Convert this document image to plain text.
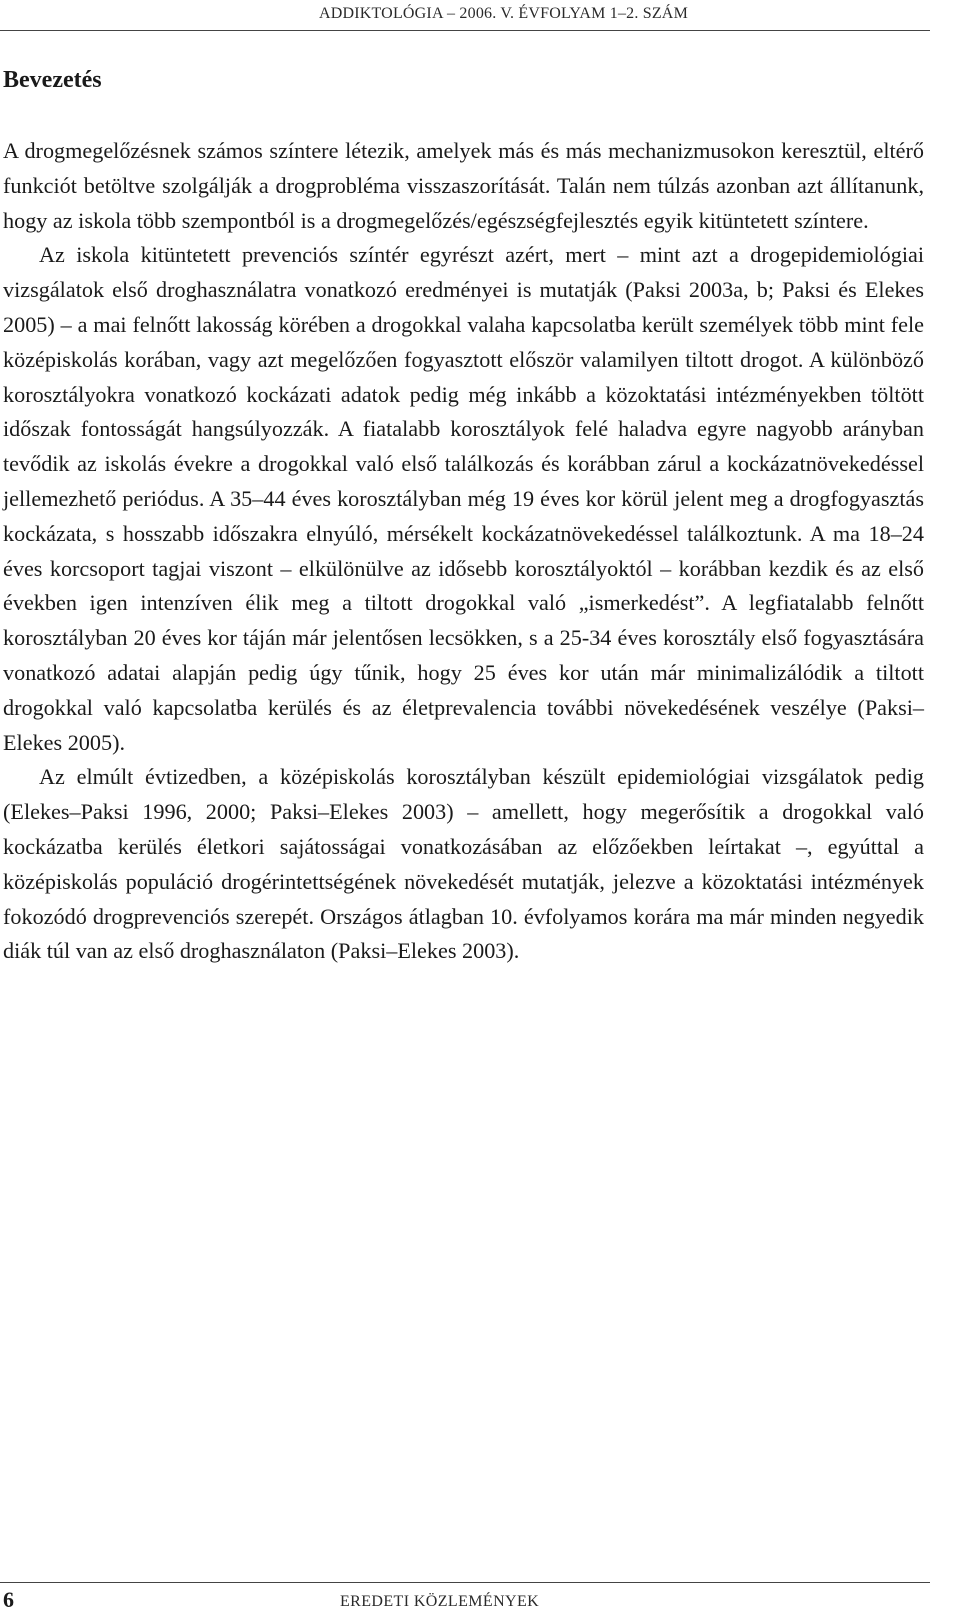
ADDIKTOLÓGIA – 2006. V. ÉVFOLYAM 1–2. SZÁM
Bevezetés

A drogmegelőzésnek számos színtere létezik, amelyek más és más mechanizmusokon keresztül, eltérő funkciót betöltve szolgálják a drogprobléma visszaszorítását. Talán nem túlzás azonban azt állítanunk, hogy az iskola több szempontból is a drogmegelőzés/egészségfejlesztés egyik kitüntetett színtere.

Az iskola kitüntetett prevenciós színtér egyrészt azért, mert – mint azt a drogepidemiológiai vizsgálatok első droghasználatra vonatkozó eredményei is mutatják (Paksi 2003a, b; Paksi és Elekes 2005) – a mai felnőtt lakosság körében a drogokkal valaha kapcsolatba került személyek több mint fele középiskolás korában, vagy azt megelőzően fogyasztott először valamilyen tiltott drogot. A különböző korosztályokra vonatkozó kockázati adatok pedig még inkább a közoktatási intézményekben töltött időszak fontosságát hangsúlyozzák. A fiatalabb korosztályok felé haladva egyre nagyobb arányban tevődik az iskolás évekre a drogokkal való első találkozás és korábban zárul a kockázatnövekedéssel jellemezhető periódus. A 35–44 éves korosztályban még 19 éves kor körül jelent meg a drogfogyasztás kockázata, s hosszabb időszakra elnyúló, mérsékelt kockázatnövekedéssel találkoztunk. A ma 18–24 éves korcsoport tagjai viszont – elkülönülve az idősebb korosztályoktól – korábban kezdik és az első években igen intenzíven élik meg a tiltott drogokkal való „ismerkedést”. A legfiatalabb felnőtt korosztályban 20 éves kor táján már jelentősen lecsökken, s a 25-34 éves korosztály első fogyasztására vonatkozó adatai alapján pedig úgy tűnik, hogy 25 éves kor után már minimalizálódik a tiltott drogokkal való kapcsolatba kerülés és az életprevalencia további növekedésének veszélye (Paksi–Elekes 2005).

Az elmúlt évtizedben, a középiskolás korosztályban készült epidemiológiai vizsgálatok pedig (Elekes–Paksi 1996, 2000; Paksi–Elekes 2003) – amellett, hogy megerősítik a drogokkal való kockázatba kerülés életkori sajátosságai vonatkozásában az előzőekben leírtakat –, egyúttal a középiskolás populáció drogérintettségének növekedését mutatják, jelezve a közoktatási intézmények fokozódó drogprevenciós szerepét. Országos átlagban 10. évfolyamos korára ma már minden negyedik diák túl van az első droghasználaton (Paksi–Elekes 2003).

6	EREDETI KÖZLEMÉNYEK
